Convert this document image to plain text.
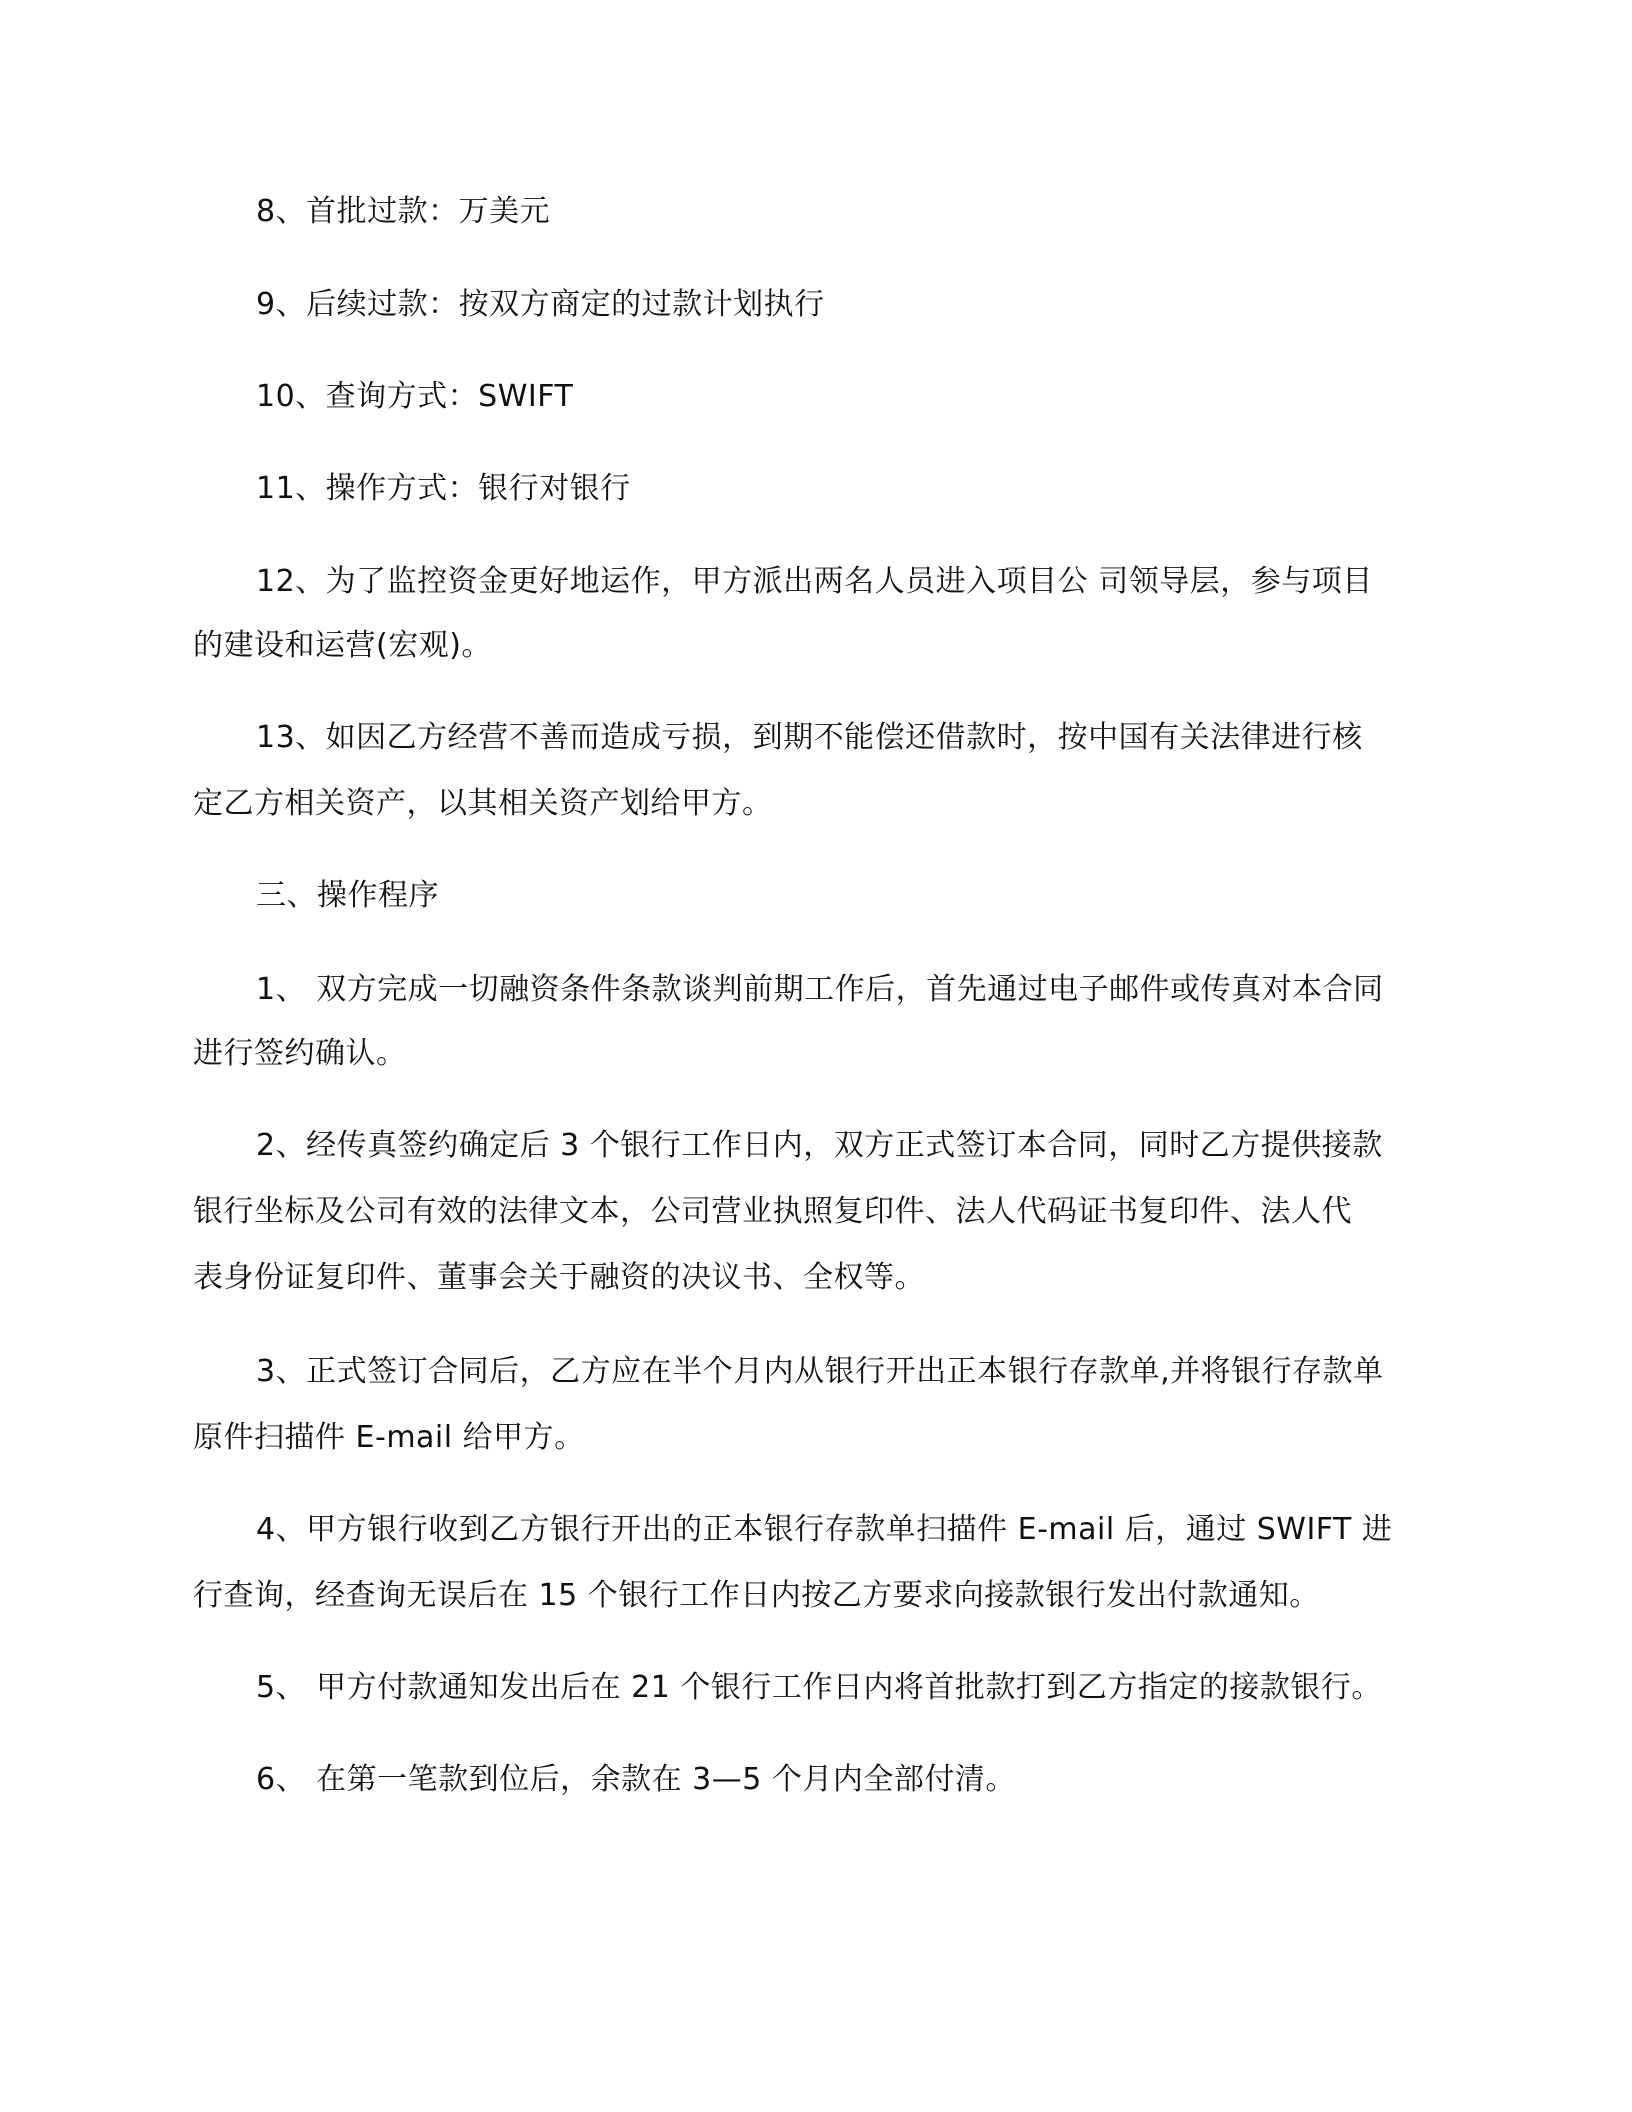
8、首批过款：万美元
9、后续过款：按双方商定的过款计划执行
10、查询方式：SWIFT
11、操作方式：银行对银行
12、为了监控资金更好地运作，甲方派出两名人员进入项目公 司领导层，参与项目
的建设和运营(宏观)。
13、如因乙方经营不善而造成亏损，到期不能偿还借款时，按中国有关法律进行核
定乙方相关资产，以其相关资产划给甲方。
三、操作程序
1、 双方完成一切融资条件条款谈判前期工作后，首先通过电子邮件或传真对本合同
进行签约确认。
2、经传真签约确定后 3 个银行工作日内，双方正式签订本合同，同时乙方提供接款
银行坐标及公司有效的法律文本，公司营业执照复印件、法人代码证书复印件、法人代
表身份证复印件、董事会关于融资的决议书、全权等。
3、正式签订合同后，乙方应在半个月内从银行开出正本银行存款单,并将银行存款单
原件扫描件 E-mail 给甲方。
4、甲方银行收到乙方银行开出的正本银行存款单扫描件 E-mail 后，通过 SWIFT 进
行查询，经查询无误后在 15 个银行工作日内按乙方要求向接款银行发出付款通知。
5、 甲方付款通知发出后在 21 个银行工作日内将首批款打到乙方指定的接款银行。
6、 在第一笔款到位后，余款在 3—5 个月内全部付清。
